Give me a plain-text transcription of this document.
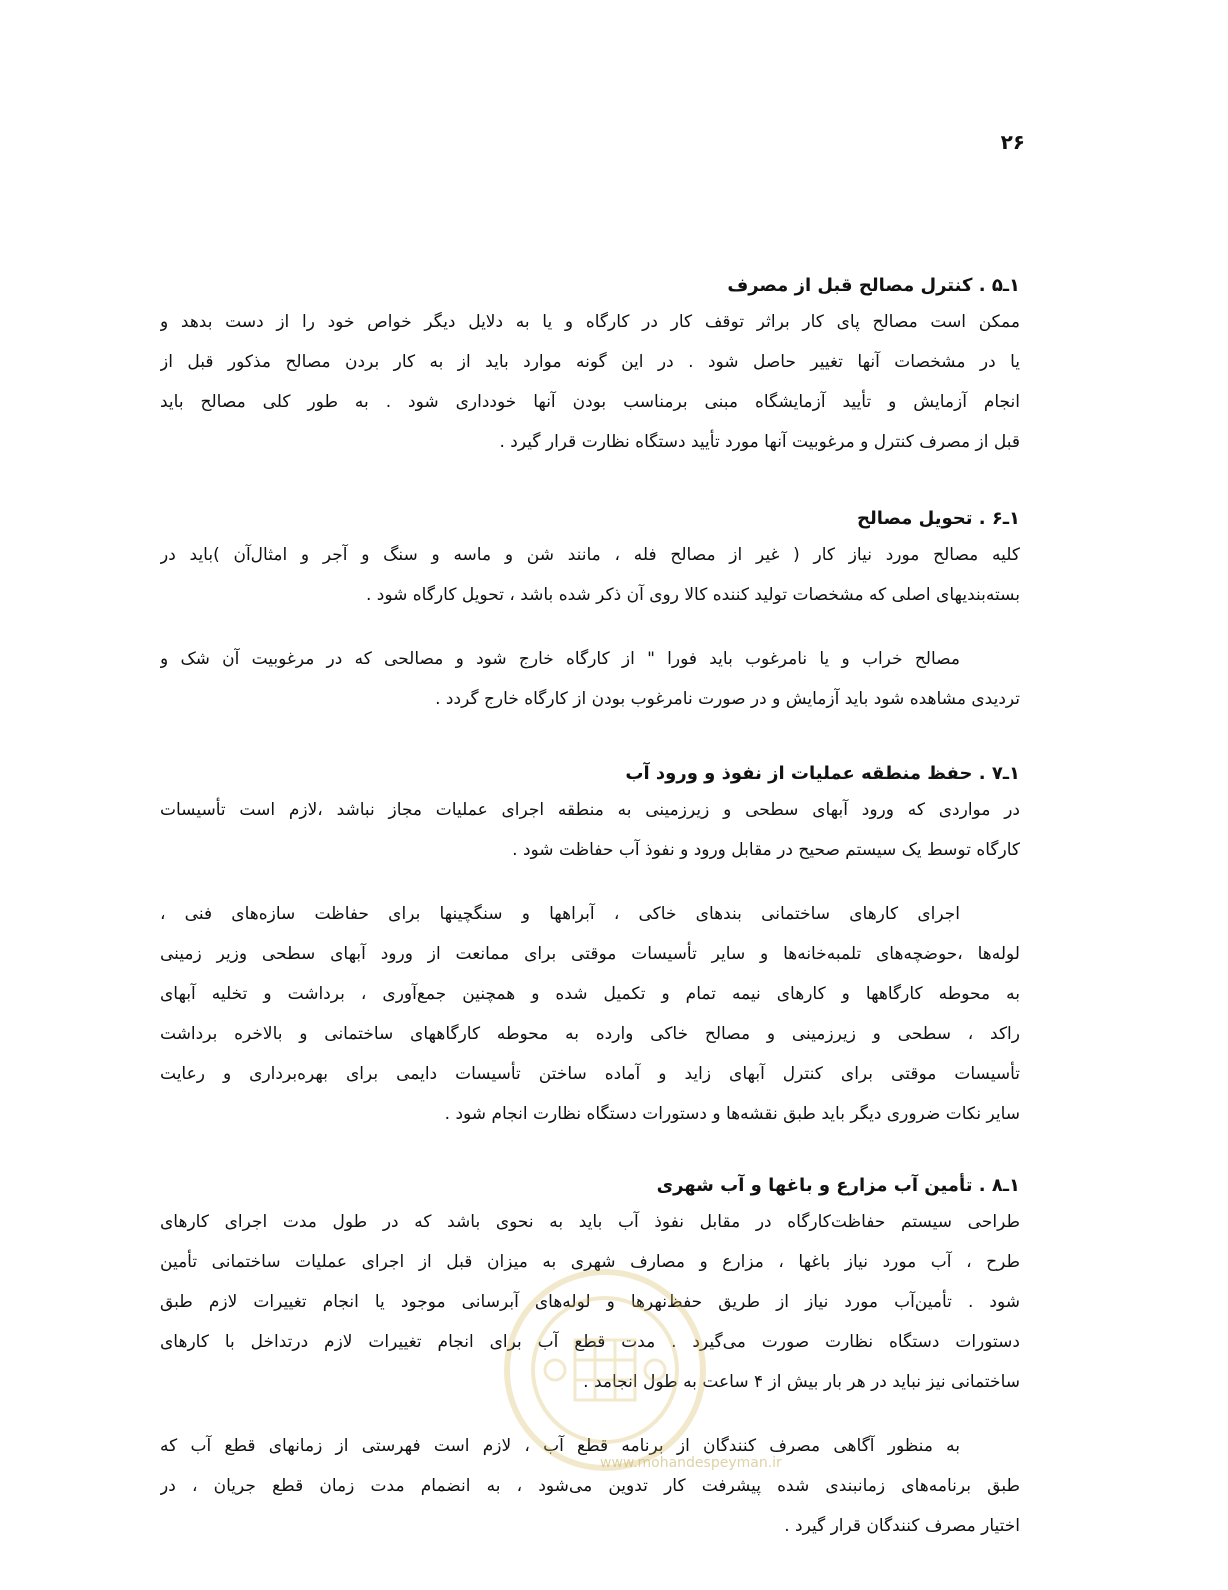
۲۶
۱ـ۵ . کنترل مصالح قبل از مصرف
ممکن است مصالح پای کار براثر توقف کار در کارگاه و یا به دلایل دیگر خواص خود را از دست بدهد و
یا در مشخصات آنها تغییر حاصل شود . در این گونه موارد باید از به کار بردن مصالح مذکور قبل از
انجام آزمایش و تأیید آزمایشگاه مبنی برمناسب بودن آنها خودداری شود . به طور کلی مصالح باید
قبل از مصرف کنترل و مرغوبیت آنها مورد تأیید دستگاه نظارت قرار گیرد .
۱ـ۶ . تحویل مصالح
کلیه مصالح مورد نیاز کار ( غیر از مصالح فله ، مانند شن و ماسه و سنگ و آجر و امثال‌آن )باید در
بسته‌بندیهای اصلی که مشخصات تولید کننده کالا روی آن ذکر شده باشد ، تحویل کارگاه شود .
مصالح خراب و یا نامرغوب باید فورا " از کارگاه خارج شود و مصالحی که در مرغوبیت آن شک و
تردیدی مشاهده شود باید آزمایش و در صورت نامرغوب بودن از کارگاه خارج گردد .
۱ـ۷ . حفظ منطقه عملیات از نفوذ و ورود آب
در مواردی که ورود آبهای سطحی و زیرزمینی به منطقه اجرای عملیات مجاز نباشد ،لازم است تأسیسات
کارگاه توسط یک سیستم صحیح در مقابل ورود و نفوذ آب حفاظت شود .
اجرای کارهای ساختمانی بندهای خاکی ، آبراهها و سنگچینها برای حفاظت سازه‌های فنی ،
لوله‌ها ،حوضچه‌های تلمبه‌خانه‌ها و سایر تأسیسات موقتی برای ممانعت از ورود آبهای سطحی وزیر زمینی
به محوطه کارگاهها و کارهای نیمه تمام و تکمیل شده و همچنین جمع‌آوری ، برداشت و تخلیه آبهای
راکد ، سطحی و زیرزمینی و مصالح خاکی وارده به محوطه کارگاههای ساختمانی و بالاخره برداشت
تأسیسات موقتی برای کنترل آبهای زاید و آماده ساختن تأسیسات دایمی برای بهره‌برداری و رعایت
سایر نکات ضروری دیگر باید طبق نقشه‌ها و دستورات دستگاه نظارت انجام شود .
۱ـ۸ . تأمین آب مزارع و باغها و آب شهری
طراحی سیستم حفاظت‌کارگاه در مقابل نفوذ آب باید به نحوی باشد که در طول مدت اجرای کارهای
طرح ، آب مورد نیاز باغها ، مزارع و مصارف شهری به میزان قبل از اجرای عملیات ساختمانی تأمین
شود . تأمین‌آب مورد نیاز از طریق حفظ‌نهرها و لوله‌های آبرسانی موجود یا انجام تغییرات لازم طبق
دستورات دستگاه نظارت صورت می‌گیرد . مدت قطع آب برای انجام تغییرات لازم درتداخل با کارهای
ساختمانی نیز نباید در هر بار بیش از ۴ ساعت به طول انجامد .
به منظور آگاهی مصرف کنندگان از برنامه قطع آب ، لازم است فهرستی از زمانهای قطع آب که
طبق برنامه‌های زمانبندی شده پیشرفت کار تدوین می‌شود ، به انضمام مدت زمان قطع جریان ، در
اختیار مصرف کنندگان قرار گیرد .
www.mohandespeyman.ir
